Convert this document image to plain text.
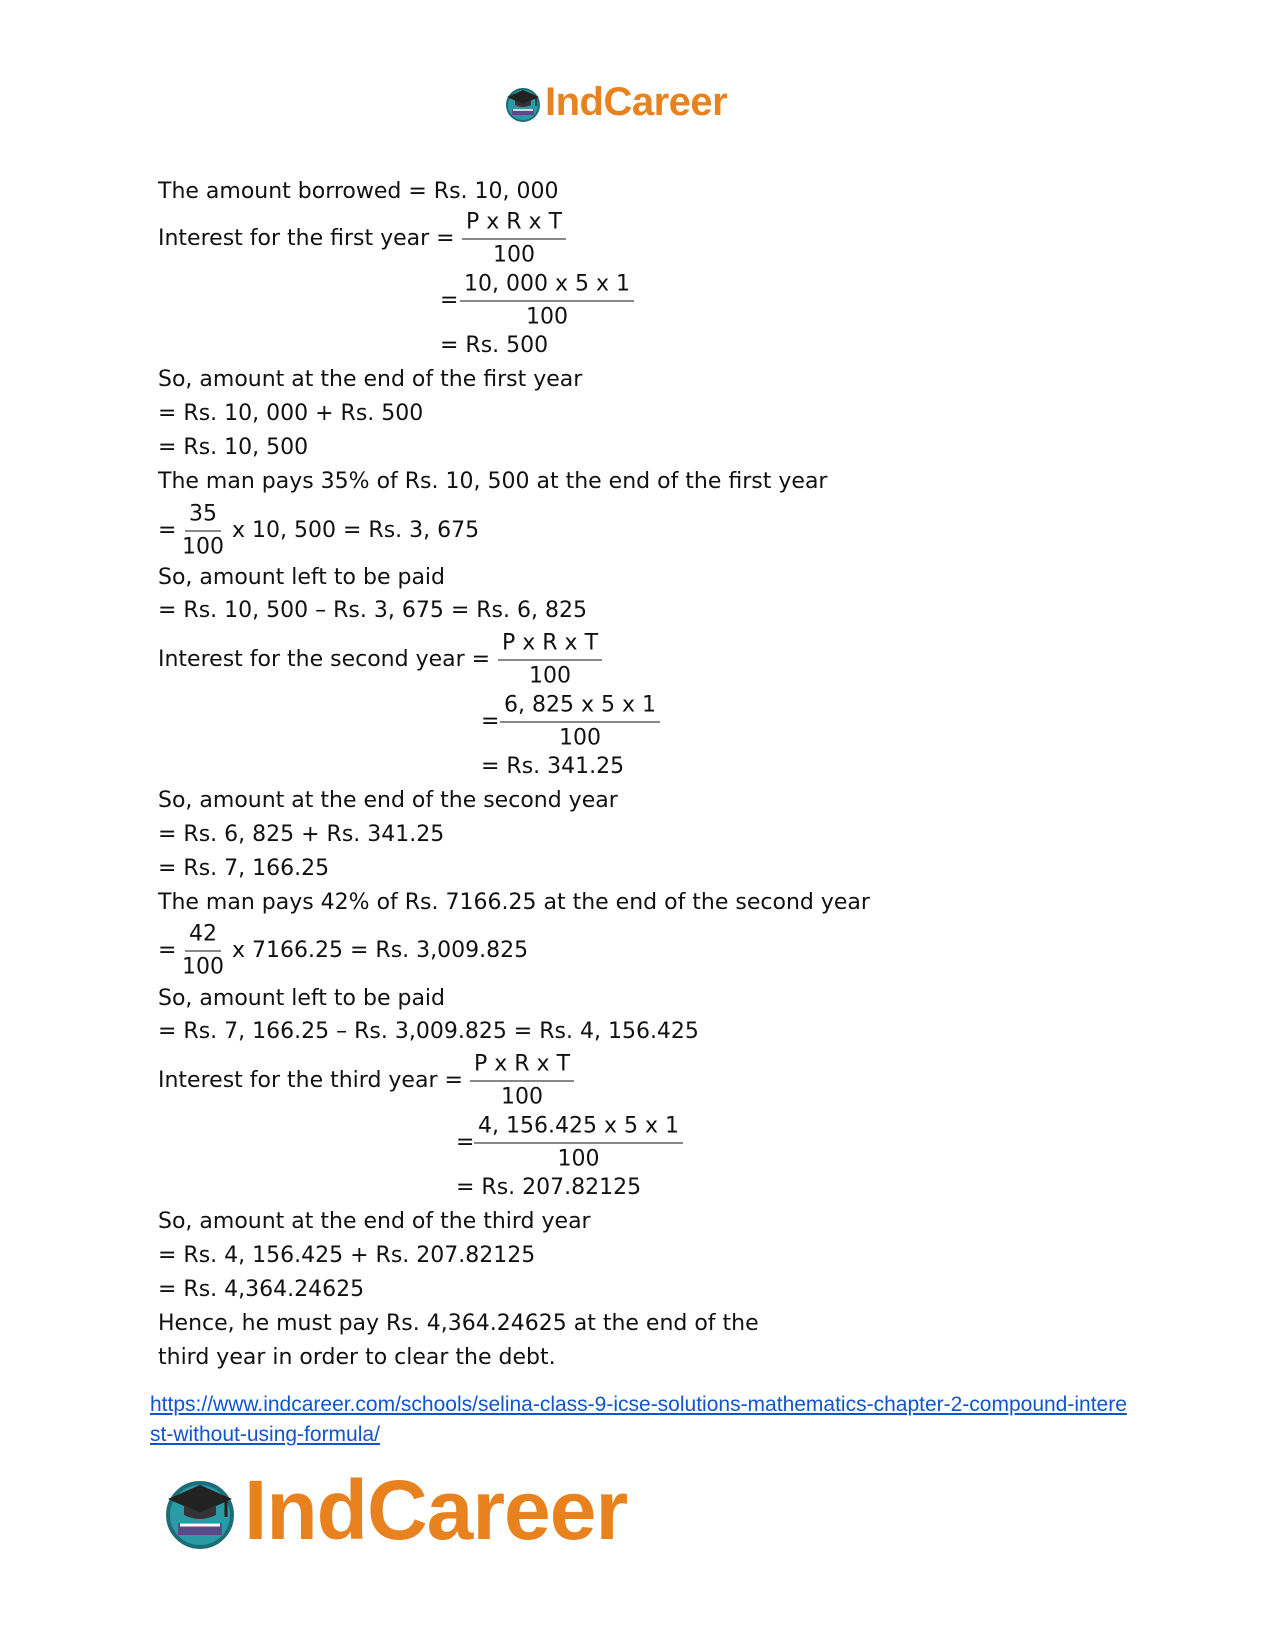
IndCareer
The amount borrowed = Rs. 10, 000
Interest for the first year = $\frac{\text{P x R x T}}{100}$
= $\frac{10, 000 x 5 x 1}{100}$
= Rs. 500
So, amount at the end of the first year
= Rs. 10, 000 + Rs. 500
= Rs. 10, 500
The man pays 35% of Rs. 10, 500 at the end of the first year
= $\frac{35}{100}$ x 10, 500 = Rs. 3, 675
So, amount left to be paid
= Rs. 10, 500 – Rs. 3, 675 = Rs. 6, 825
Interest for the second year = $\frac{\text{P x R x T}}{100}$
= $\frac{6, 825 x 5 x 1}{100}$
= Rs. 341.25
So, amount at the end of the second year
= Rs. 6, 825 + Rs. 341.25
= Rs. 7, 166.25
The man pays 42% of Rs. 7166.25 at the end of the second year
= $\frac{42}{100}$ x 7166.25 = Rs. 3,009.825
So, amount left to be paid
= Rs. 7, 166.25 – Rs. 3,009.825 = Rs. 4, 156.425
Interest for the third year = $\frac{\text{P x R x T}}{100}$
= $\frac{4, 156.425 x 5 x 1}{100}$
= Rs. 207.82125
So, amount at the end of the third year
= Rs. 4, 156.425 + Rs. 207.82125
= Rs. 4,364.24625
Hence, he must pay Rs. 4,364.24625 at the end of the
third year in order to clear the debt.
https://www.indcareer.com/schools/selina-class-9-icse-solutions-mathematics-chapter-2-compound-interest-without-using-formula/
IndCareer
